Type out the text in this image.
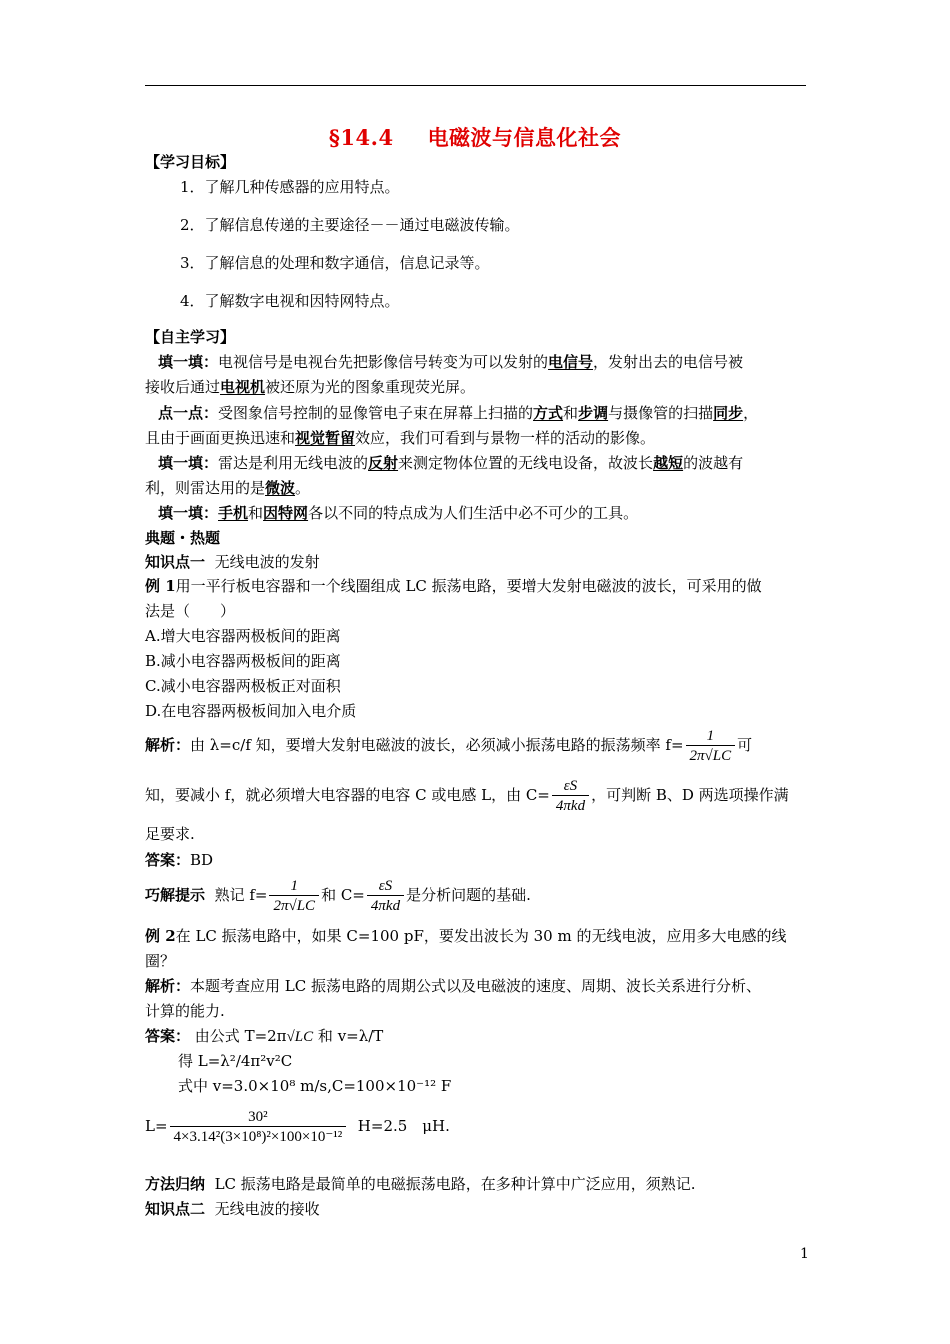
§14.4 电磁波与信息化社会
【学习目标】
1．了解几种传感器的应用特点。
2．了解信息传递的主要途径－－通过电磁波传输。
3．了解信息的处理和数字通信，信息记录等。
4．了解数字电视和因特网特点。
【自主学习】
填一填：电视信号是电视台先把影像信号转变为可以发射的电信号，发射出去的电信号被
接收后通过电视机被还原为光的图象重现荧光屏。
点一点：受图象信号控制的显像管电子束在屏幕上扫描的方式和步调与摄像管的扫描同步，
且由于画面更换迅速和视觉暂留效应，我们可看到与景物一样的活动的影像。
填一填：雷达是利用无线电波的反射来测定物体位置的无线电设备，故波长越短的波越有
利，则雷达用的是微波。
填一填：手机和因特网各以不同的特点成为人们生活中必不可少的工具。
典题・热题
知识点一 无线电波的发射
例 1用一平行板电容器和一个线圈组成 LC 振荡电路，要增大发射电磁波的波长，可采用的做
法是（　　）
A.增大电容器两极板间的距离
B.减小电容器两极板间的距离
C.减小电容器两极板正对面积
D.在电容器两极板间加入电介质
解析：由 λ=c/f 知，要增大发射电磁波的波长，必须减小振荡电路的振荡频率 $f= \frac{1}{2\pi√LC}$ 可
知，要减小 f，就必须增大电容器的电容 C 或电感 L，由 $C= \frac{\varepsilon S}{\text{4πkd}}$ ，可判断 B、D 两选项操作满
足要求.
答案：BD
巧解提示 熟记 $f= \frac{1}{2\pi√LC}$ 和 $C= \frac{\varepsilon S}{\text{4πkd}}$ 是分析问题的基础.
例 2在 LC 振荡电路中，如果 C=100 pF，要发出波长为 30 m 的无线电波，应用多大电感的线
圈？
解析：本题考查应用 LC 振荡电路的周期公式以及电磁波的速度、周期、波长关系进行分析、
计算的能力.
答案： 由公式 T=2π√LC 和 v=λ/T
得 L=λ²/4π²v²C
式中 v=3.0×10⁸ m/s,C=100×10⁻¹² F
$L= \frac{\text{30²}}{\text{4×3.14²(3×10⁸)²×100×10⁻¹²}} H=2.5$　μH.
方法归纳 LC 振荡电路是最简单的电磁振荡电路，在多种计算中广泛应用，须熟记.
知识点二 无线电波的接收
1
